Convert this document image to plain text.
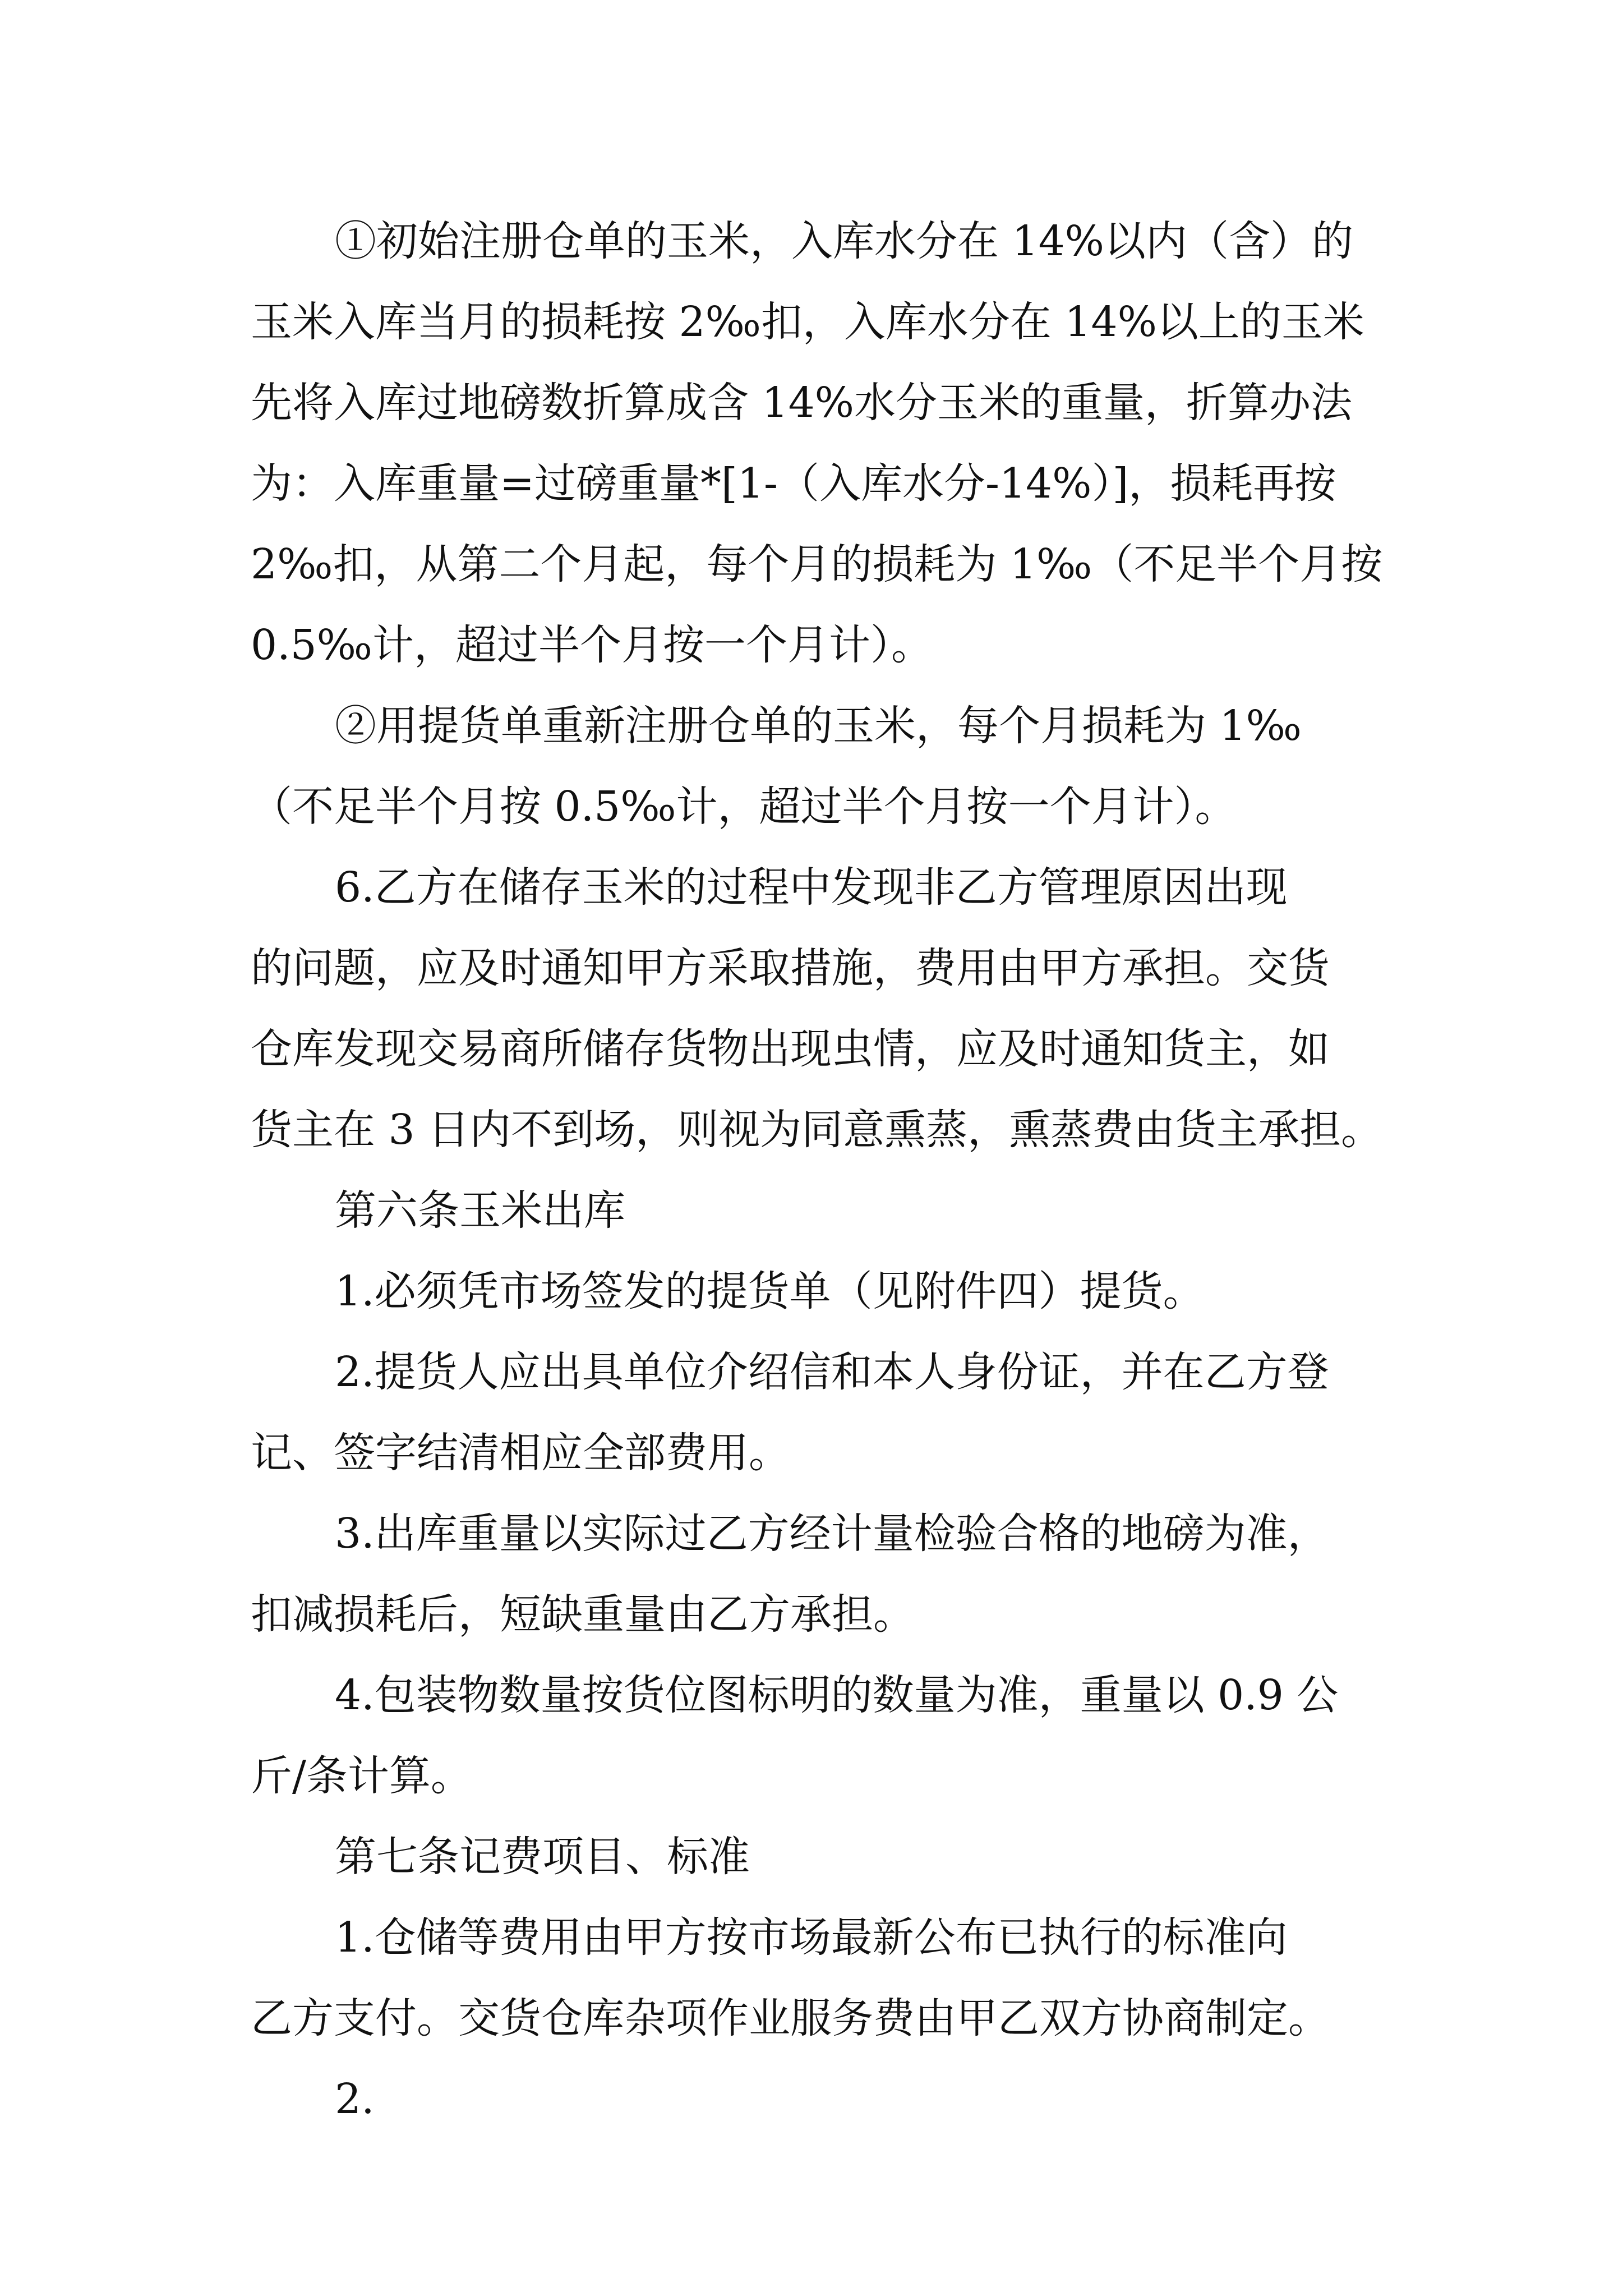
①初始注册仓单的玉米，入库水分在 14%以内（含）的
玉米入库当月的损耗按 2‰扣，入库水分在 14%以上的玉米
先将入库过地磅数折算成含 14%水分玉米的重量，折算办法
为：入库重量=过磅重量*[1-（入库水分-14%）]，损耗再按
2‰扣，从第二个月起，每个月的损耗为 1‰（不足半个月按
0.5‰计，超过半个月按一个月计）。
②用提货单重新注册仓单的玉米，每个月损耗为 1‰
（不足半个月按 0.5‰计，超过半个月按一个月计）。
6.乙方在储存玉米的过程中发现非乙方管理原因出现
的问题，应及时通知甲方采取措施，费用由甲方承担。交货
仓库发现交易商所储存货物出现虫情，应及时通知货主，如
货主在 3 日内不到场，则视为同意熏蒸，熏蒸费由货主承担。
第六条玉米出库
1.必须凭市场签发的提货单（见附件四）提货。
2.提货人应出具单位介绍信和本人身份证，并在乙方登
记、签字结清相应全部费用。
3.出库重量以实际过乙方经计量检验合格的地磅为准，
扣减损耗后，短缺重量由乙方承担。
4.包装物数量按货位图标明的数量为准，重量以 0.9 公
斤/条计算。
第七条记费项目、标准
1.仓储等费用由甲方按市场最新公布已执行的标准向
乙方支付。交货仓库杂项作业服务费由甲乙双方协商制定。
2.
